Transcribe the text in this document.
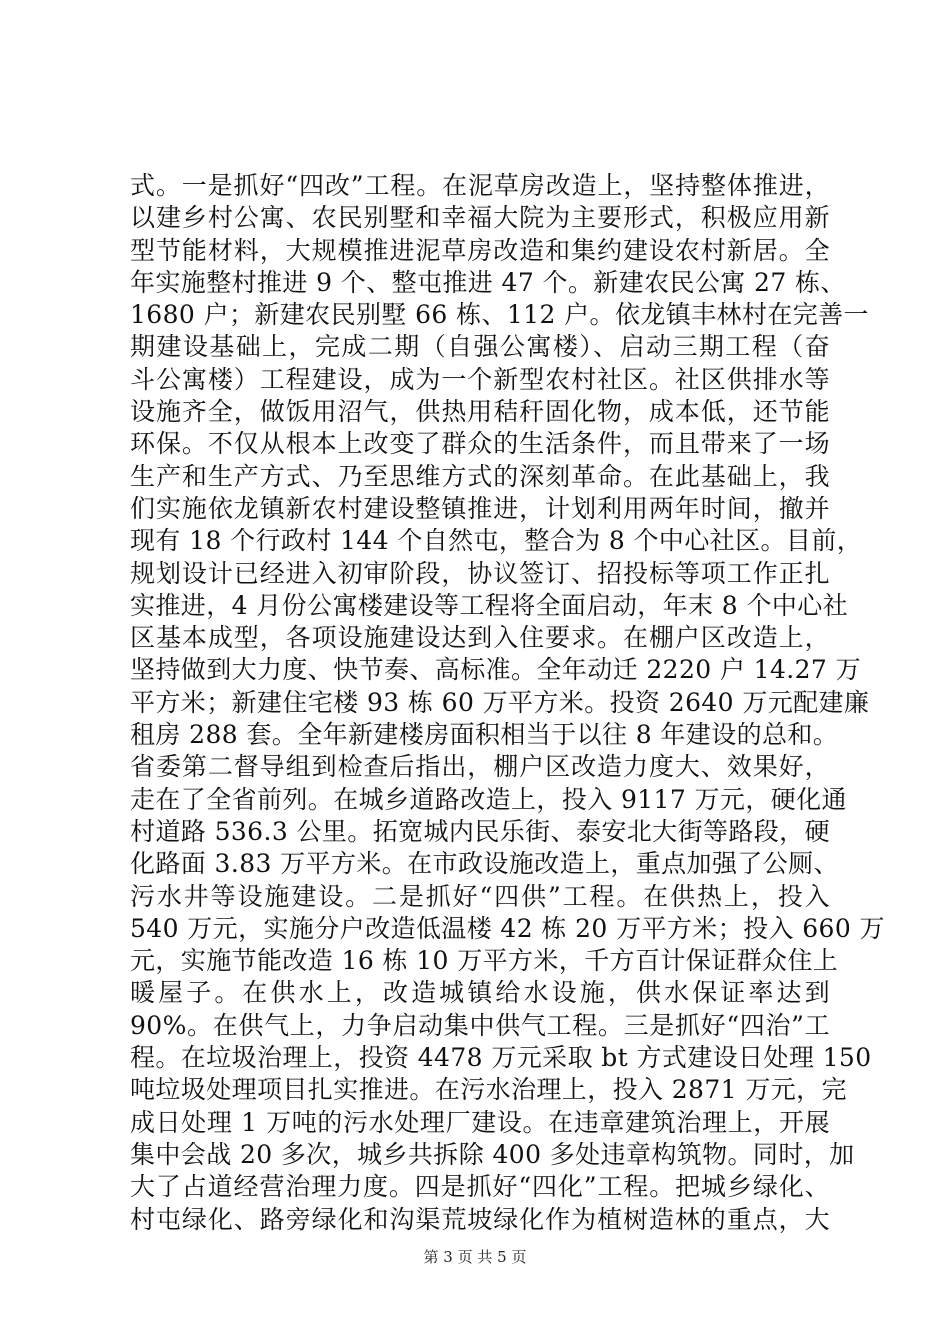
式。一是抓好“四改”工程。在泥草房改造上，坚持整体推进，
以建乡村公寓、农民别墅和幸福大院为主要形式，积极应用新
型节能材料，大规模推进泥草房改造和集约建设农村新居。全
年实施整村推进 9 个、整屯推进 47 个。新建农民公寓 27 栋、
1680 户；新建农民别墅 66 栋、112 户。依龙镇丰林村在完善一
期建设基础上，完成二期（自强公寓楼）、启动三期工程（奋
斗公寓楼）工程建设，成为一个新型农村社区。社区供排水等
设施齐全，做饭用沼气，供热用秸秆固化物，成本低，还节能
环保。不仅从根本上改变了群众的生活条件，而且带来了一场
生产和生产方式、乃至思维方式的深刻革命。在此基础上，我
们实施依龙镇新农村建设整镇推进，计划利用两年时间，撤并
现有 18 个行政村 144 个自然屯，整合为 8 个中心社区。目前，
规划设计已经进入初审阶段，协议签订、招投标等项工作正扎
实推进，4 月份公寓楼建设等工程将全面启动，年末 8 个中心社
区基本成型，各项设施建设达到入住要求。在棚户区改造上，
坚持做到大力度、快节奏、高标准。全年动迁 2220 户 14.27 万
平方米；新建住宅楼 93 栋 60 万平方米。投资 2640 万元配建廉
租房 288 套。全年新建楼房面积相当于以往 8 年建设的总和。
省委第二督导组到检查后指出，棚户区改造力度大、效果好，
走在了全省前列。在城乡道路改造上，投入 9117 万元，硬化通
村道路 536.3 公里。拓宽城内民乐街、泰安北大街等路段，硬
化路面 3.83 万平方米。在市政设施改造上，重点加强了公厕、
污水井等设施建设。二是抓好“四供”工程。在供热上，投入
540 万元，实施分户改造低温楼 42 栋 20 万平方米；投入 660 万
元，实施节能改造 16 栋 10 万平方米，千方百计保证群众住上
暖屋子。在供水上，改造城镇给水设施，供水保证率达到
90%。在供气上，力争启动集中供气工程。三是抓好“四治”工
程。在垃圾治理上，投资 4478 万元采取 bt 方式建设日处理 150
吨垃圾处理项目扎实推进。在污水治理上，投入 2871 万元，完
成日处理 1 万吨的污水处理厂建设。在违章建筑治理上，开展
集中会战 20 多次，城乡共拆除 400 多处违章构筑物。同时，加
大了占道经营治理力度。四是抓好“四化”工程。把城乡绿化、
村屯绿化、路旁绿化和沟渠荒坡绿化作为植树造林的重点，大
第 3 页 共 5 页
